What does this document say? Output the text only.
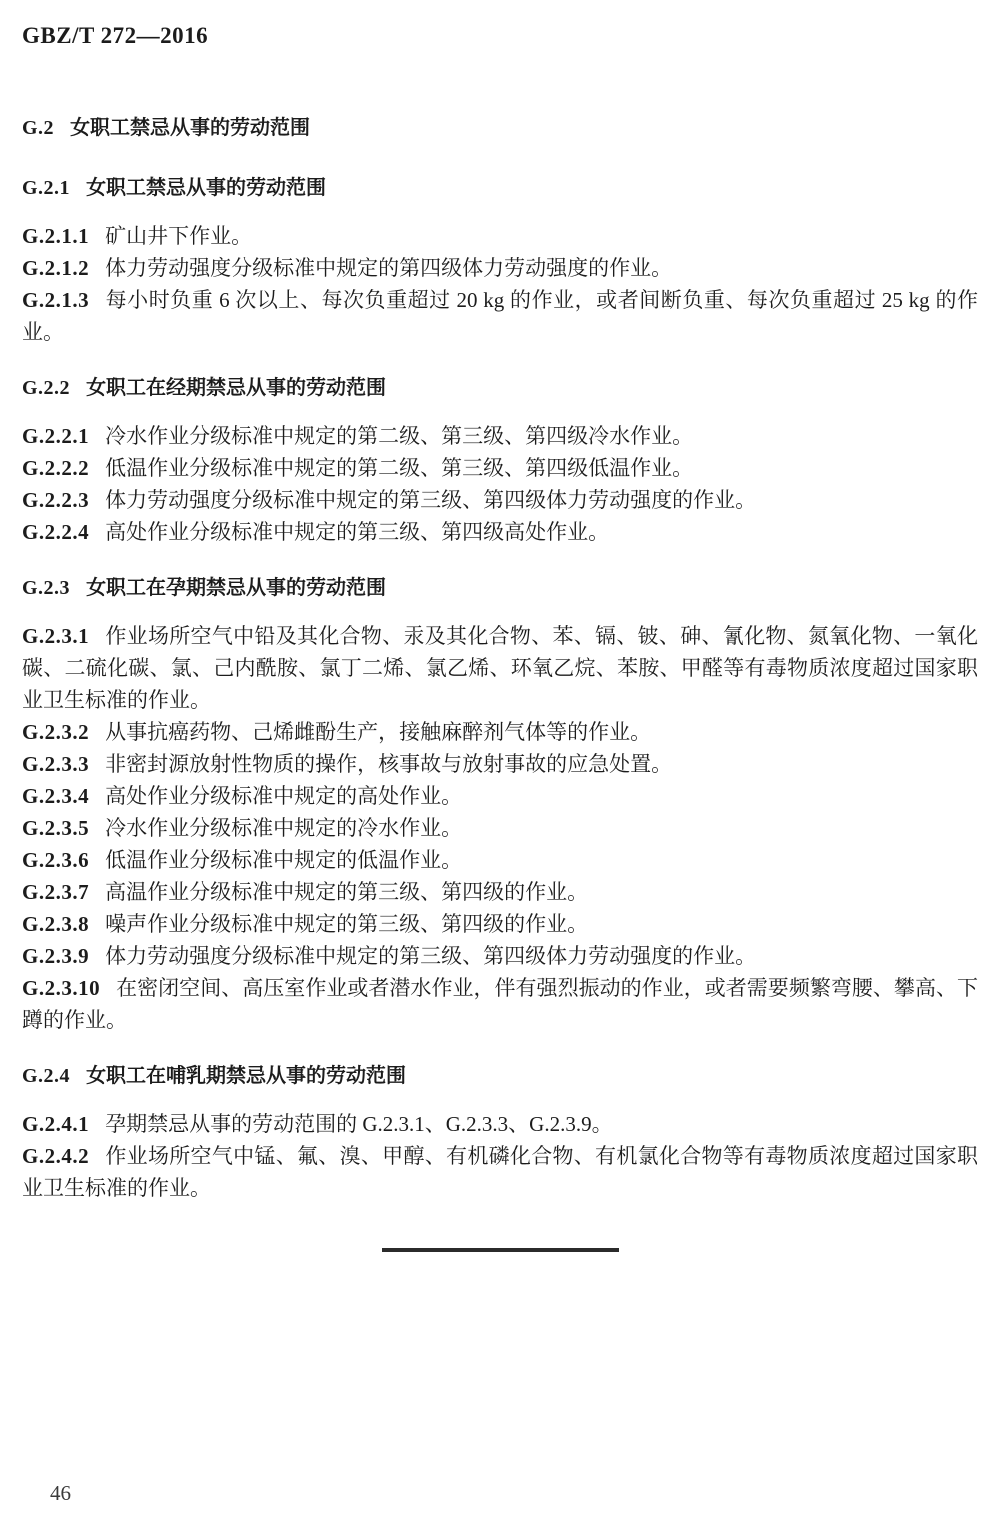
GBZ/T 272—2016

G.2 女职工禁忌从事的劳动范围

G.2.1 女职工禁忌从事的劳动范围

G.2.1.1 矿山井下作业。

G.2.1.2 体力劳动强度分级标准中规定的第四级体力劳动强度的作业。

G.2.1.3 每小时负重 6 次以上、每次负重超过 20 kg 的作业，或者间断负重、每次负重超过 25 kg 的作业。

G.2.2 女职工在经期禁忌从事的劳动范围

G.2.2.1 冷水作业分级标准中规定的第二级、第三级、第四级冷水作业。

G.2.2.2 低温作业分级标准中规定的第二级、第三级、第四级低温作业。

G.2.2.3 体力劳动强度分级标准中规定的第三级、第四级体力劳动强度的作业。

G.2.2.4 高处作业分级标准中规定的第三级、第四级高处作业。

G.2.3 女职工在孕期禁忌从事的劳动范围

G.2.3.1 作业场所空气中铅及其化合物、汞及其化合物、苯、镉、铍、砷、氰化物、氮氧化物、一氧化碳、二硫化碳、氯、己内酰胺、氯丁二烯、氯乙烯、环氧乙烷、苯胺、甲醛等有毒物质浓度超过国家职业卫生标准的作业。

G.2.3.2 从事抗癌药物、己烯雌酚生产，接触麻醉剂气体等的作业。

G.2.3.3 非密封源放射性物质的操作，核事故与放射事故的应急处置。

G.2.3.4 高处作业分级标准中规定的高处作业。

G.2.3.5 冷水作业分级标准中规定的冷水作业。

G.2.3.6 低温作业分级标准中规定的低温作业。

G.2.3.7 高温作业分级标准中规定的第三级、第四级的作业。

G.2.3.8 噪声作业分级标准中规定的第三级、第四级的作业。

G.2.3.9 体力劳动强度分级标准中规定的第三级、第四级体力劳动强度的作业。

G.2.3.10 在密闭空间、高压室作业或者潜水作业，伴有强烈振动的作业，或者需要频繁弯腰、攀高、下蹲的作业。

G.2.4 女职工在哺乳期禁忌从事的劳动范围

G.2.4.1 孕期禁忌从事的劳动范围的 G.2.3.1、G.2.3.3、G.2.3.9。

G.2.4.2 作业场所空气中锰、氟、溴、甲醇、有机磷化合物、有机氯化合物等有毒物质浓度超过国家职业卫生标准的作业。

46
